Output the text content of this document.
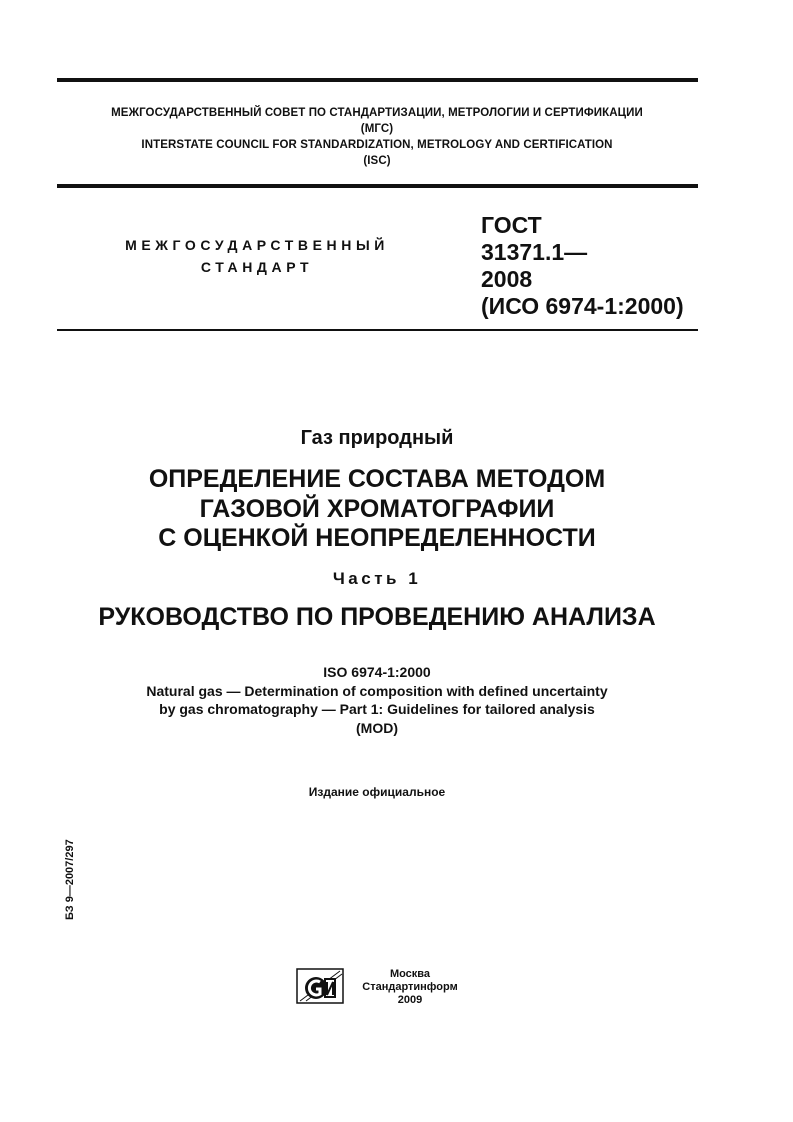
МЕЖГОСУДАРСТВЕННЫЙ СОВЕТ ПО СТАНДАРТИЗАЦИИ, МЕТРОЛОГИИ И СЕРТИФИКАЦИИ
(МГС)
INTERSTATE COUNCIL FOR STANDARDIZATION, METROLOGY AND CERTIFICATION
(ISC)
МЕЖГОСУДАРСТВЕННЫЙ
СТАНДАРТ
ГОСТ
31371.1—
2008
(ИСО 6974-1:2000)
Газ природный
ОПРЕДЕЛЕНИЕ СОСТАВА МЕТОДОМ
ГАЗОВОЙ ХРОМАТОГРАФИИ
С ОЦЕНКОЙ НЕОПРЕДЕЛЕННОСТИ
Часть 1
РУКОВОДСТВО ПО ПРОВЕДЕНИЮ АНАЛИЗА
ISO 6974-1:2000
Natural gas — Determination of composition with defined uncertainty
by gas chromatography — Part 1: Guidelines for tailored analysis
(MOD)
Издание официальное
БЗ 9—2007/297
Москва
Стандартинформ
2009
